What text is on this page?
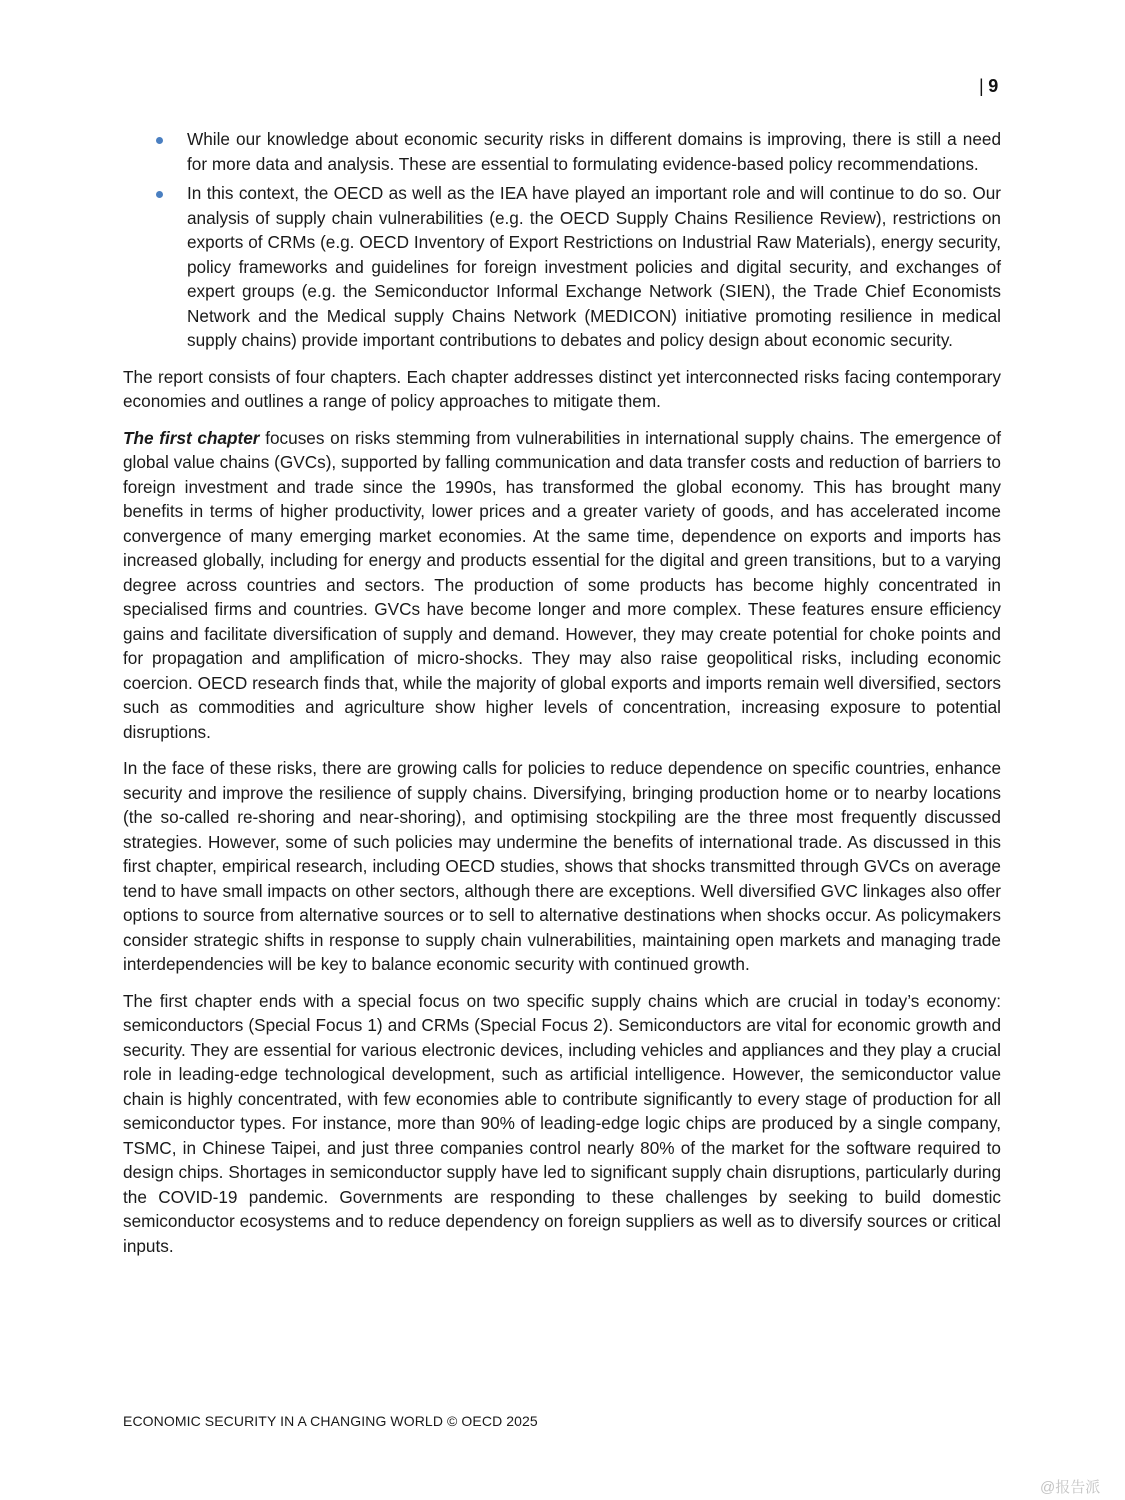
| 9
While our knowledge about economic security risks in different domains is improving, there is still a need for more data and analysis. These are essential to formulating evidence-based policy recommendations.
In this context, the OECD as well as the IEA have played an important role and will continue to do so. Our analysis of supply chain vulnerabilities (e.g. the OECD Supply Chains Resilience Review), restrictions on exports of CRMs (e.g. OECD Inventory of Export Restrictions on Industrial Raw Materials), energy security, policy frameworks and guidelines for foreign investment policies and digital security, and exchanges of expert groups (e.g. the Semiconductor Informal Exchange Network (SIEN), the Trade Chief Economists Network and the Medical supply Chains Network (MEDICON) initiative promoting resilience in medical supply chains) provide important contributions to debates and policy design about economic security.

The report consists of four chapters. Each chapter addresses distinct yet interconnected risks facing contemporary economies and outlines a range of policy approaches to mitigate them.

The first chapter focuses on risks stemming from vulnerabilities in international supply chains. The emergence of global value chains (GVCs), supported by falling communication and data transfer costs and reduction of barriers to foreign investment and trade since the 1990s, has transformed the global economy. This has brought many benefits in terms of higher productivity, lower prices and a greater variety of goods, and has accelerated income convergence of many emerging market economies. At the same time, dependence on exports and imports has increased globally, including for energy and products essential for the digital and green transitions, but to a varying degree across countries and sectors. The production of some products has become highly concentrated in specialised firms and countries. GVCs have become longer and more complex. These features ensure efficiency gains and facilitate diversification of supply and demand. However, they may create potential for choke points and for propagation and amplification of micro-shocks. They may also raise geopolitical risks, including economic coercion. OECD research finds that, while the majority of global exports and imports remain well diversified, sectors such as commodities and agriculture show higher levels of concentration, increasing exposure to potential disruptions.

In the face of these risks, there are growing calls for policies to reduce dependence on specific countries, enhance security and improve the resilience of supply chains. Diversifying, bringing production home or to nearby locations (the so-called re-shoring and near-shoring), and optimising stockpiling are the three most frequently discussed strategies. However, some of such policies may undermine the benefits of international trade. As discussed in this first chapter, empirical research, including OECD studies, shows that shocks transmitted through GVCs on average tend to have small impacts on other sectors, although there are exceptions. Well diversified GVC linkages also offer options to source from alternative sources or to sell to alternative destinations when shocks occur. As policymakers consider strategic shifts in response to supply chain vulnerabilities, maintaining open markets and managing trade interdependencies will be key to balance economic security with continued growth.

The first chapter ends with a special focus on two specific supply chains which are crucial in today’s economy: semiconductors (Special Focus 1) and CRMs (Special Focus 2). Semiconductors are vital for economic growth and security. They are essential for various electronic devices, including vehicles and appliances and they play a crucial role in leading-edge technological development, such as artificial intelligence. However, the semiconductor value chain is highly concentrated, with few economies able to contribute significantly to every stage of production for all semiconductor types. For instance, more than 90% of leading-edge logic chips are produced by a single company, TSMC, in Chinese Taipei, and just three companies control nearly 80% of the market for the software required to design chips. Shortages in semiconductor supply have led to significant supply chain disruptions, particularly during the COVID-19 pandemic. Governments are responding to these challenges by seeking to build domestic semiconductor ecosystems and to reduce dependency on foreign suppliers as well as to diversify sources or critical inputs.

ECONOMIC SECURITY IN A CHANGING WORLD © OECD 2025
@报告派
